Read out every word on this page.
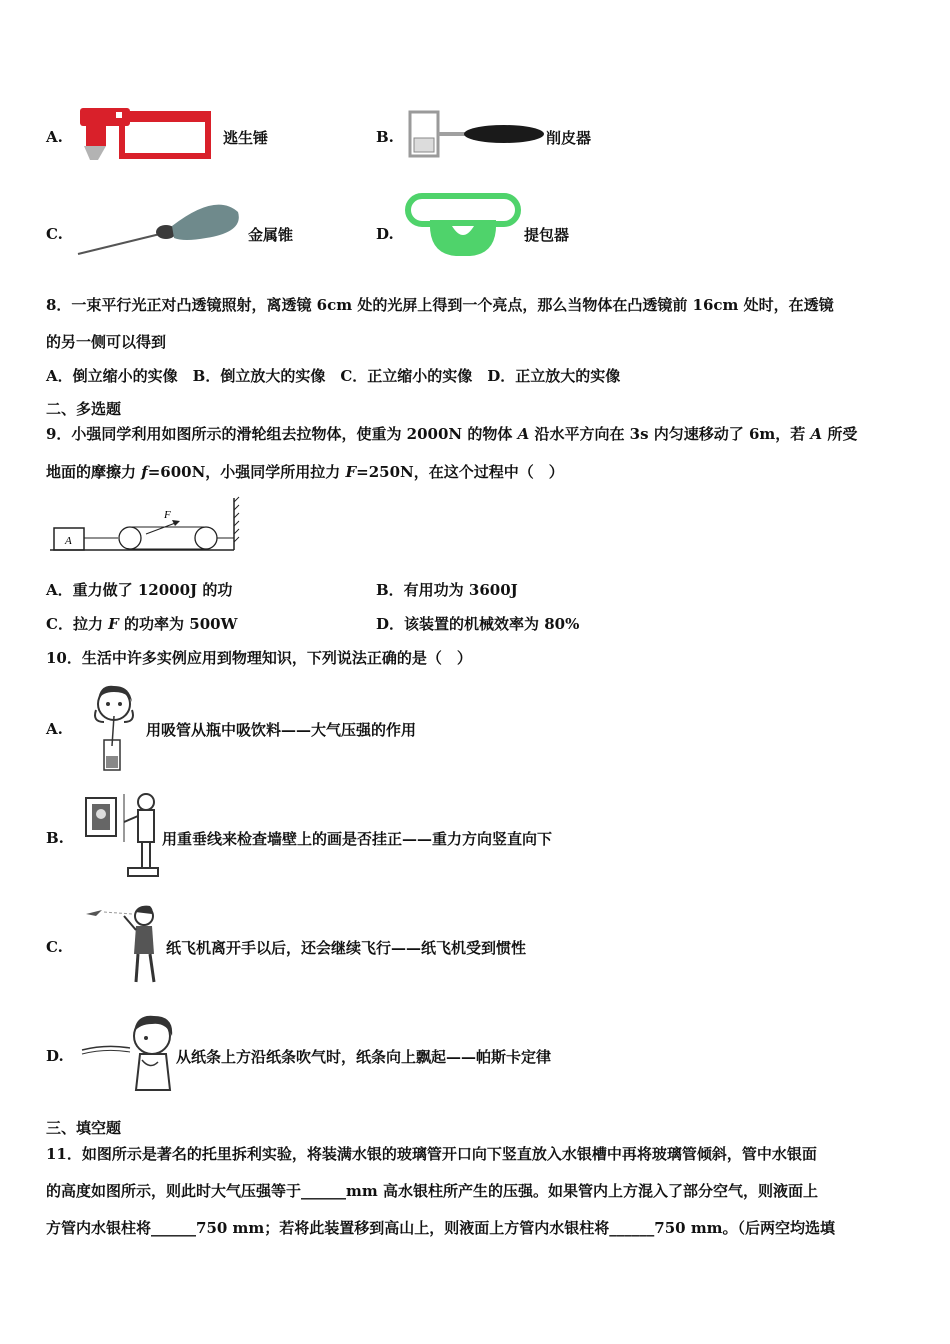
A.	逃生锤	B.	削皮器
C.	金属锥	D.	提包器
8．一束平行光正对凸透镜照射，离透镜 6cm 处的光屏上得到一个亮点，那么当物体在凸透镜前 16cm 处时，在透镜
的另一侧可以得到
A．倒立缩小的实像　B．倒立放大的实像　C．正立缩小的实像　D．正立放大的实像
二、多选题
9．小强同学利用如图所示的滑轮组去拉物体，使重为 2000N 的物体 A 沿水平方向在 3s 内匀速移动了 6m，若 A 所受
地面的摩擦力 f=600N，小强同学所用拉力 F=250N，在这个过程中（　）
A
F
A．重力做了 12000J 的功	B．有用功为 3600J
C．拉力 F 的功率为 500W	D．该装置的机械效率为 80%
10．生活中许多实例应用到物理知识，下列说法正确的是（　）
A.	用吸管从瓶中吸饮料——大气压强的作用
B.	用重垂线来检查墙壁上的画是否挂正——重力方向竖直向下
C.	纸飞机离开手以后，还会继续飞行——纸飞机受到惯性
D.	从纸条上方沿纸条吹气时，纸条向上飘起——帕斯卡定律
三、填空题
11．如图所示是著名的托里拆利实验，将装满水银的玻璃管开口向下竖直放入水银槽中再将玻璃管倾斜，管中水银面
的高度如图所示，则此时大气压强等于______mm 高水银柱所产生的压强。如果管内上方混入了部分空气，则液面上
方管内水银柱将______750 mm；若将此装置移到高山上，则液面上方管内水银柱将______750 mm。（后两空均选填
